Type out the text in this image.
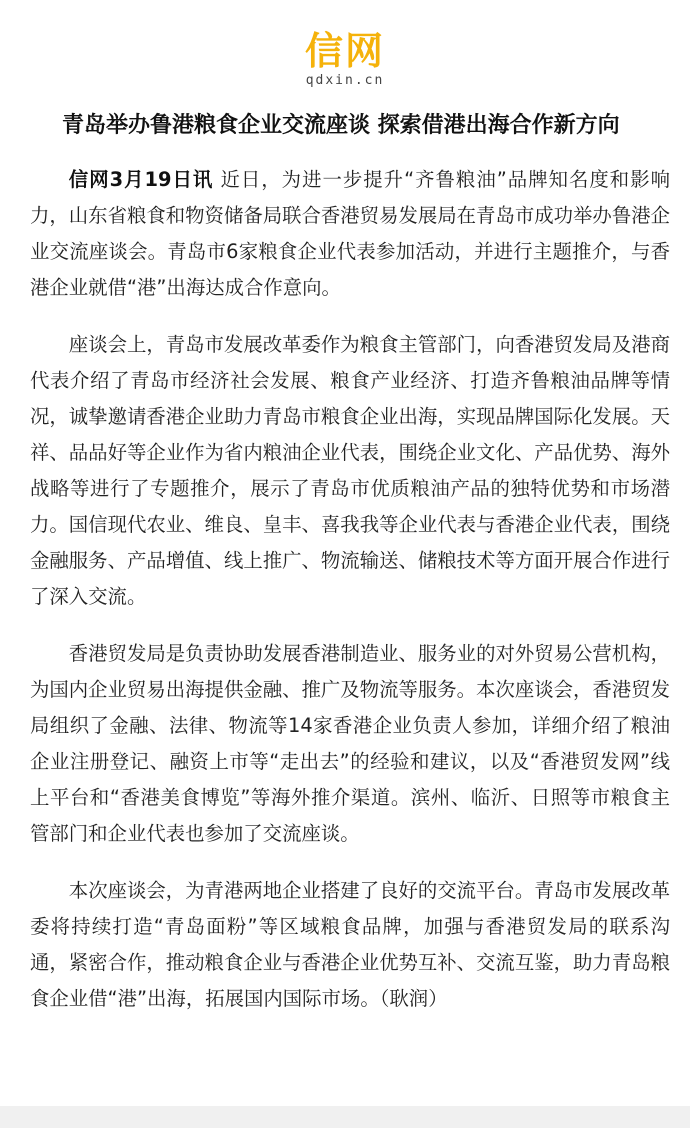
信网
qdxin.cn
青岛举办鲁港粮食企业交流座谈 探索借港出海合作新方向

信网3月19日讯 近日，为进一步提升“齐鲁粮油”品牌知名度和影响力，山东省粮食和物资储备局联合香港贸易发展局在青岛市成功举办鲁港企业交流座谈会。青岛市6家粮食企业代表参加活动，并进行主题推介，与香港企业就借“港”出海达成合作意向。

座谈会上，青岛市发展改革委作为粮食主管部门，向香港贸发局及港商代表介绍了青岛市经济社会发展、粮食产业经济、打造齐鲁粮油品牌等情况，诚挚邀请香港企业助力青岛市粮食企业出海，实现品牌国际化发展。天祥、品品好等企业作为省内粮油企业代表，围绕企业文化、产品优势、海外战略等进行了专题推介，展示了青岛市优质粮油产品的独特优势和市场潜力。国信现代农业、维良、皇丰、喜我我等企业代表与香港企业代表，围绕金融服务、产品增值、线上推广、物流输送、储粮技术等方面开展合作进行了深入交流。

香港贸发局是负责协助发展香港制造业、服务业的对外贸易公营机构，为国内企业贸易出海提供金融、推广及物流等服务。本次座谈会，香港贸发局组织了金融、法律、物流等14家香港企业负责人参加，详细介绍了粮油企业注册登记、融资上市等“走出去”的经验和建议，以及“香港贸发网”线上平台和“香港美食博览”等海外推介渠道。滨州、临沂、日照等市粮食主管部门和企业代表也参加了交流座谈。

本次座谈会，为青港两地企业搭建了良好的交流平台。青岛市发展改革委将持续打造“青岛面粉”等区域粮食品牌，加强与香港贸发局的联系沟通，紧密合作，推动粮食企业与香港企业优势互补、交流互鉴，助力青岛粮食企业借“港”出海，拓展国内国际市场。（耿润）
